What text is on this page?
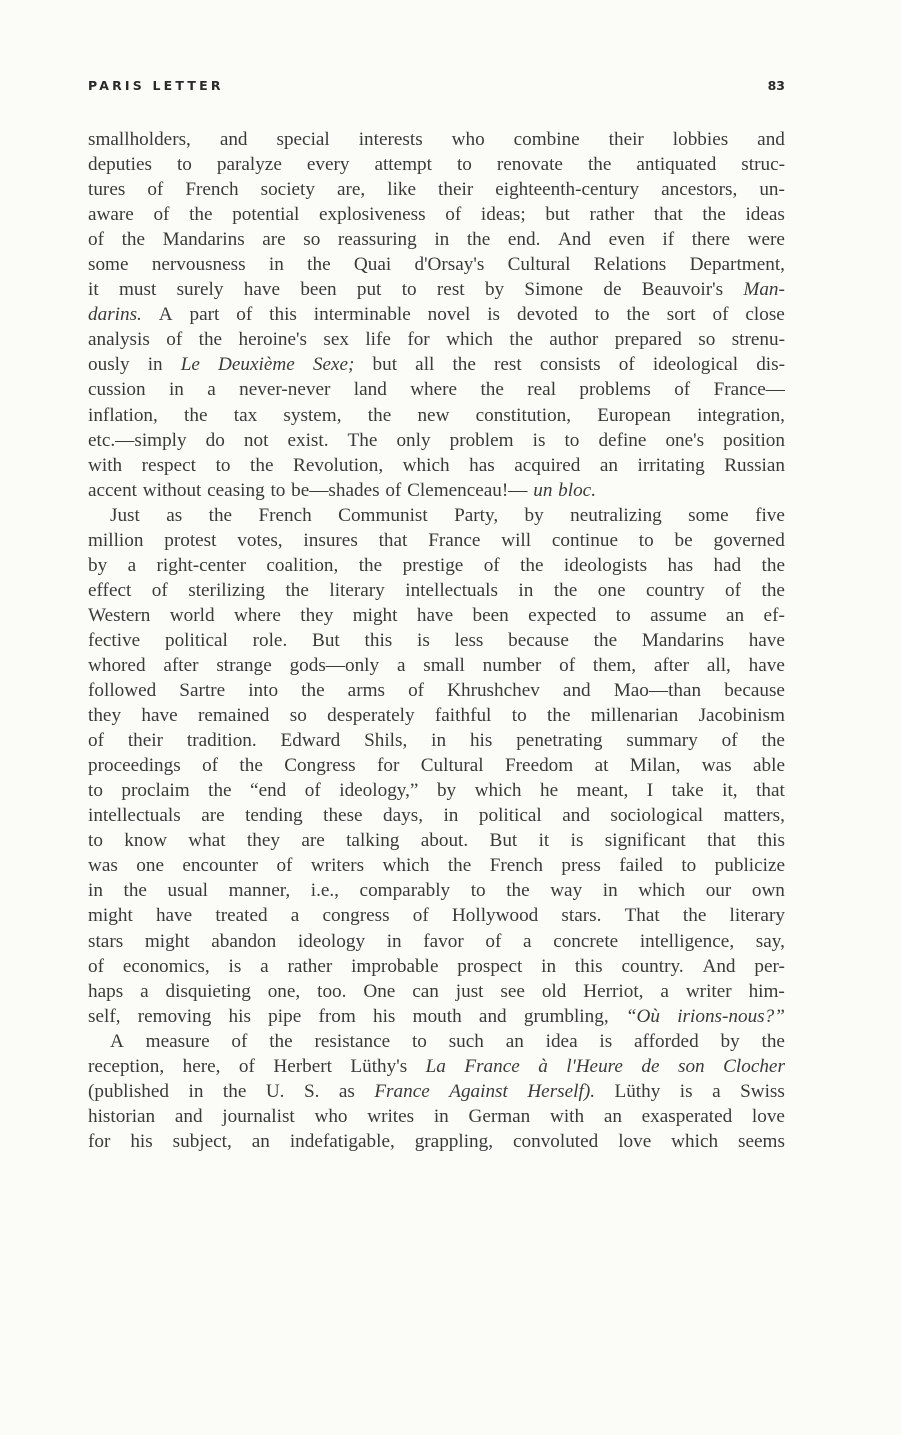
PARIS LETTER	83
smallholders, and special interests who combine their lobbies and
deputies to paralyze every attempt to renovate the antiquated struc-
tures of French society are, like their eighteenth-century ancestors, un-
aware of the potential explosiveness of ideas; but rather that the ideas
of the Mandarins are so reassuring in the end. And even if there were
some nervousness in the Quai d'Orsay's Cultural Relations Department,
it must surely have been put to rest by Simone de Beauvoir's Man-
darins. A part of this interminable novel is devoted to the sort of close
analysis of the heroine's sex life for which the author prepared so strenu-
ously in Le Deuxième Sexe; but all the rest consists of ideological dis-
cussion in a never-never land where the real problems of France—
inflation, the tax system, the new constitution, European integration,
etc.—simply do not exist. The only problem is to define one's position
with respect to the Revolution, which has acquired an irritating Russian
accent without ceasing to be—shades of Clemenceau!— un bloc.
Just as the French Communist Party, by neutralizing some five
million protest votes, insures that France will continue to be governed
by a right-center coalition, the prestige of the ideologists has had the
effect of sterilizing the literary intellectuals in the one country of the
Western world where they might have been expected to assume an ef-
fective political role. But this is less because the Mandarins have
whored after strange gods—only a small number of them, after all, have
followed Sartre into the arms of Khrushchev and Mao—than because
they have remained so desperately faithful to the millenarian Jacobinism
of their tradition. Edward Shils, in his penetrating summary of the
proceedings of the Congress for Cultural Freedom at Milan, was able
to proclaim the “end of ideology,” by which he meant, I take it, that
intellectuals are tending these days, in political and sociological matters,
to know what they are talking about. But it is significant that this
was one encounter of writers which the French press failed to publicize
in the usual manner, i.e., comparably to the way in which our own
might have treated a congress of Hollywood stars. That the literary
stars might abandon ideology in favor of a concrete intelligence, say,
of economics, is a rather improbable prospect in this country. And per-
haps a disquieting one, too. One can just see old Herriot, a writer him-
self, removing his pipe from his mouth and grumbling, “Où irions-nous?”
A measure of the resistance to such an idea is afforded by the
reception, here, of Herbert Lüthy's La France à l'Heure de son Clocher
(published in the U. S. as France Against Herself). Lüthy is a Swiss
historian and journalist who writes in German with an exasperated love
for his subject, an indefatigable, grappling, convoluted love which seems
